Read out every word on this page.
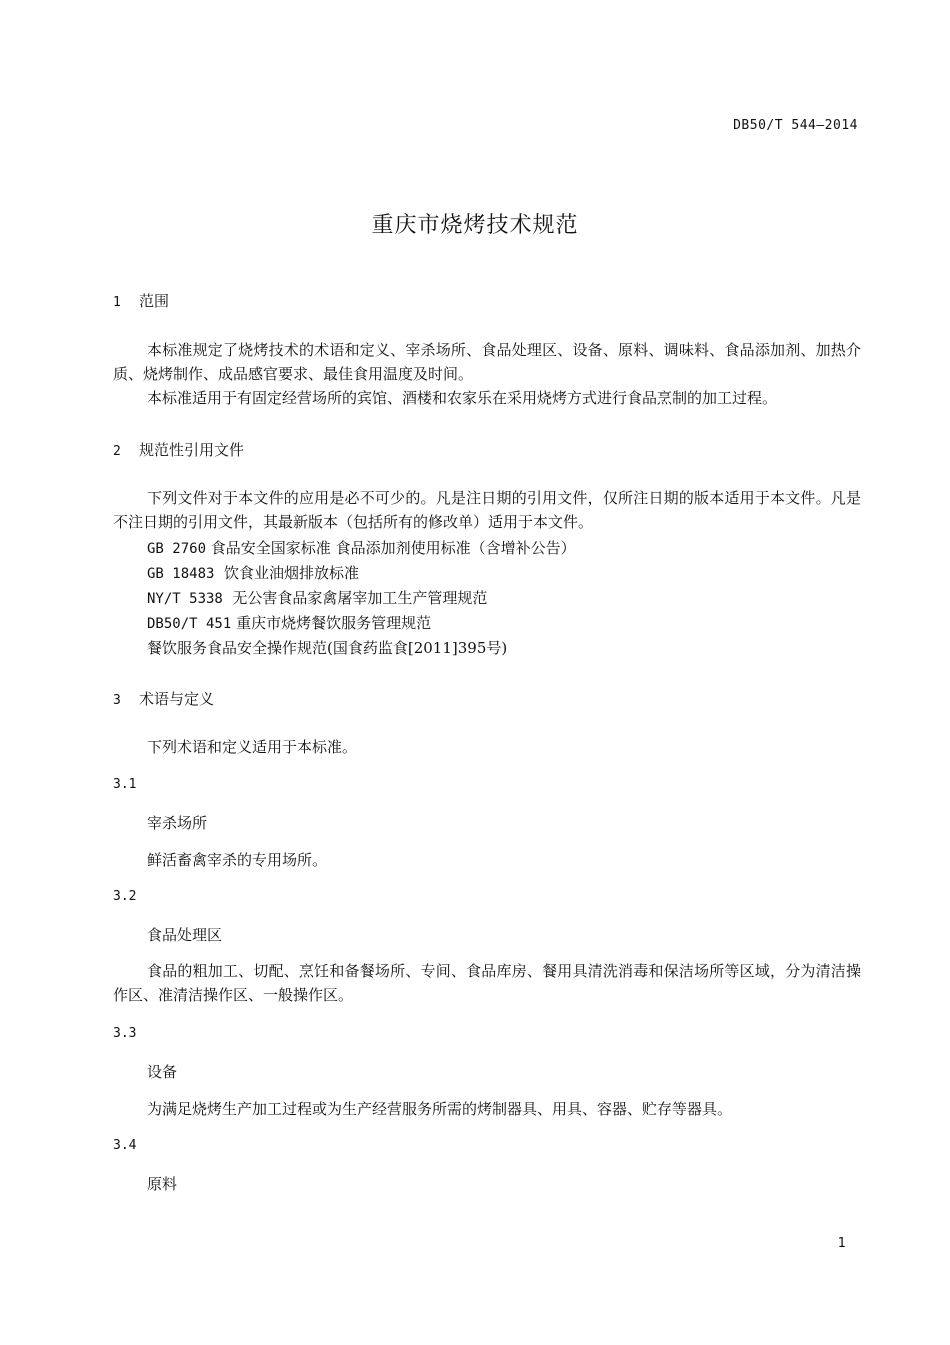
DB50/T 544—2014
重庆市烧烤技术规范
1 范围
本标准规定了烧烤技术的术语和定义、宰杀场所、食品处理区、设备、原料、调味料、食品添加剂、加热介质、烧烤制作、成品感官要求、最佳食用温度及时间。
本标准适用于有固定经营场所的宾馆、酒楼和农家乐在采用烧烤方式进行食品烹制的加工过程。
2 规范性引用文件
下列文件对于本文件的应用是必不可少的。凡是注日期的引用文件，仅所注日期的版本适用于本文件。凡是不注日期的引用文件，其最新版本（包括所有的修改单）适用于本文件。
GB 2760 食品安全国家标准 食品添加剂使用标准（含增补公告）
GB 18483 饮食业油烟排放标准
NY/T 5338 无公害食品家禽屠宰加工生产管理规范
DB50/T 451 重庆市烧烤餐饮服务管理规范
餐饮服务食品安全操作规范(国食药监食[2011]395号)
3 术语与定义
下列术语和定义适用于本标准。
3.1
宰杀场所
鲜活畜禽宰杀的专用场所。
3.2
食品处理区
食品的粗加工、切配、烹饪和备餐场所、专间、食品库房、餐用具清洗消毒和保洁场所等区域，分为清洁操作区、准清洁操作区、一般操作区。
3.3
设备
为满足烧烤生产加工过程或为生产经营服务所需的烤制器具、用具、容器、贮存等器具。
3.4
原料
1
